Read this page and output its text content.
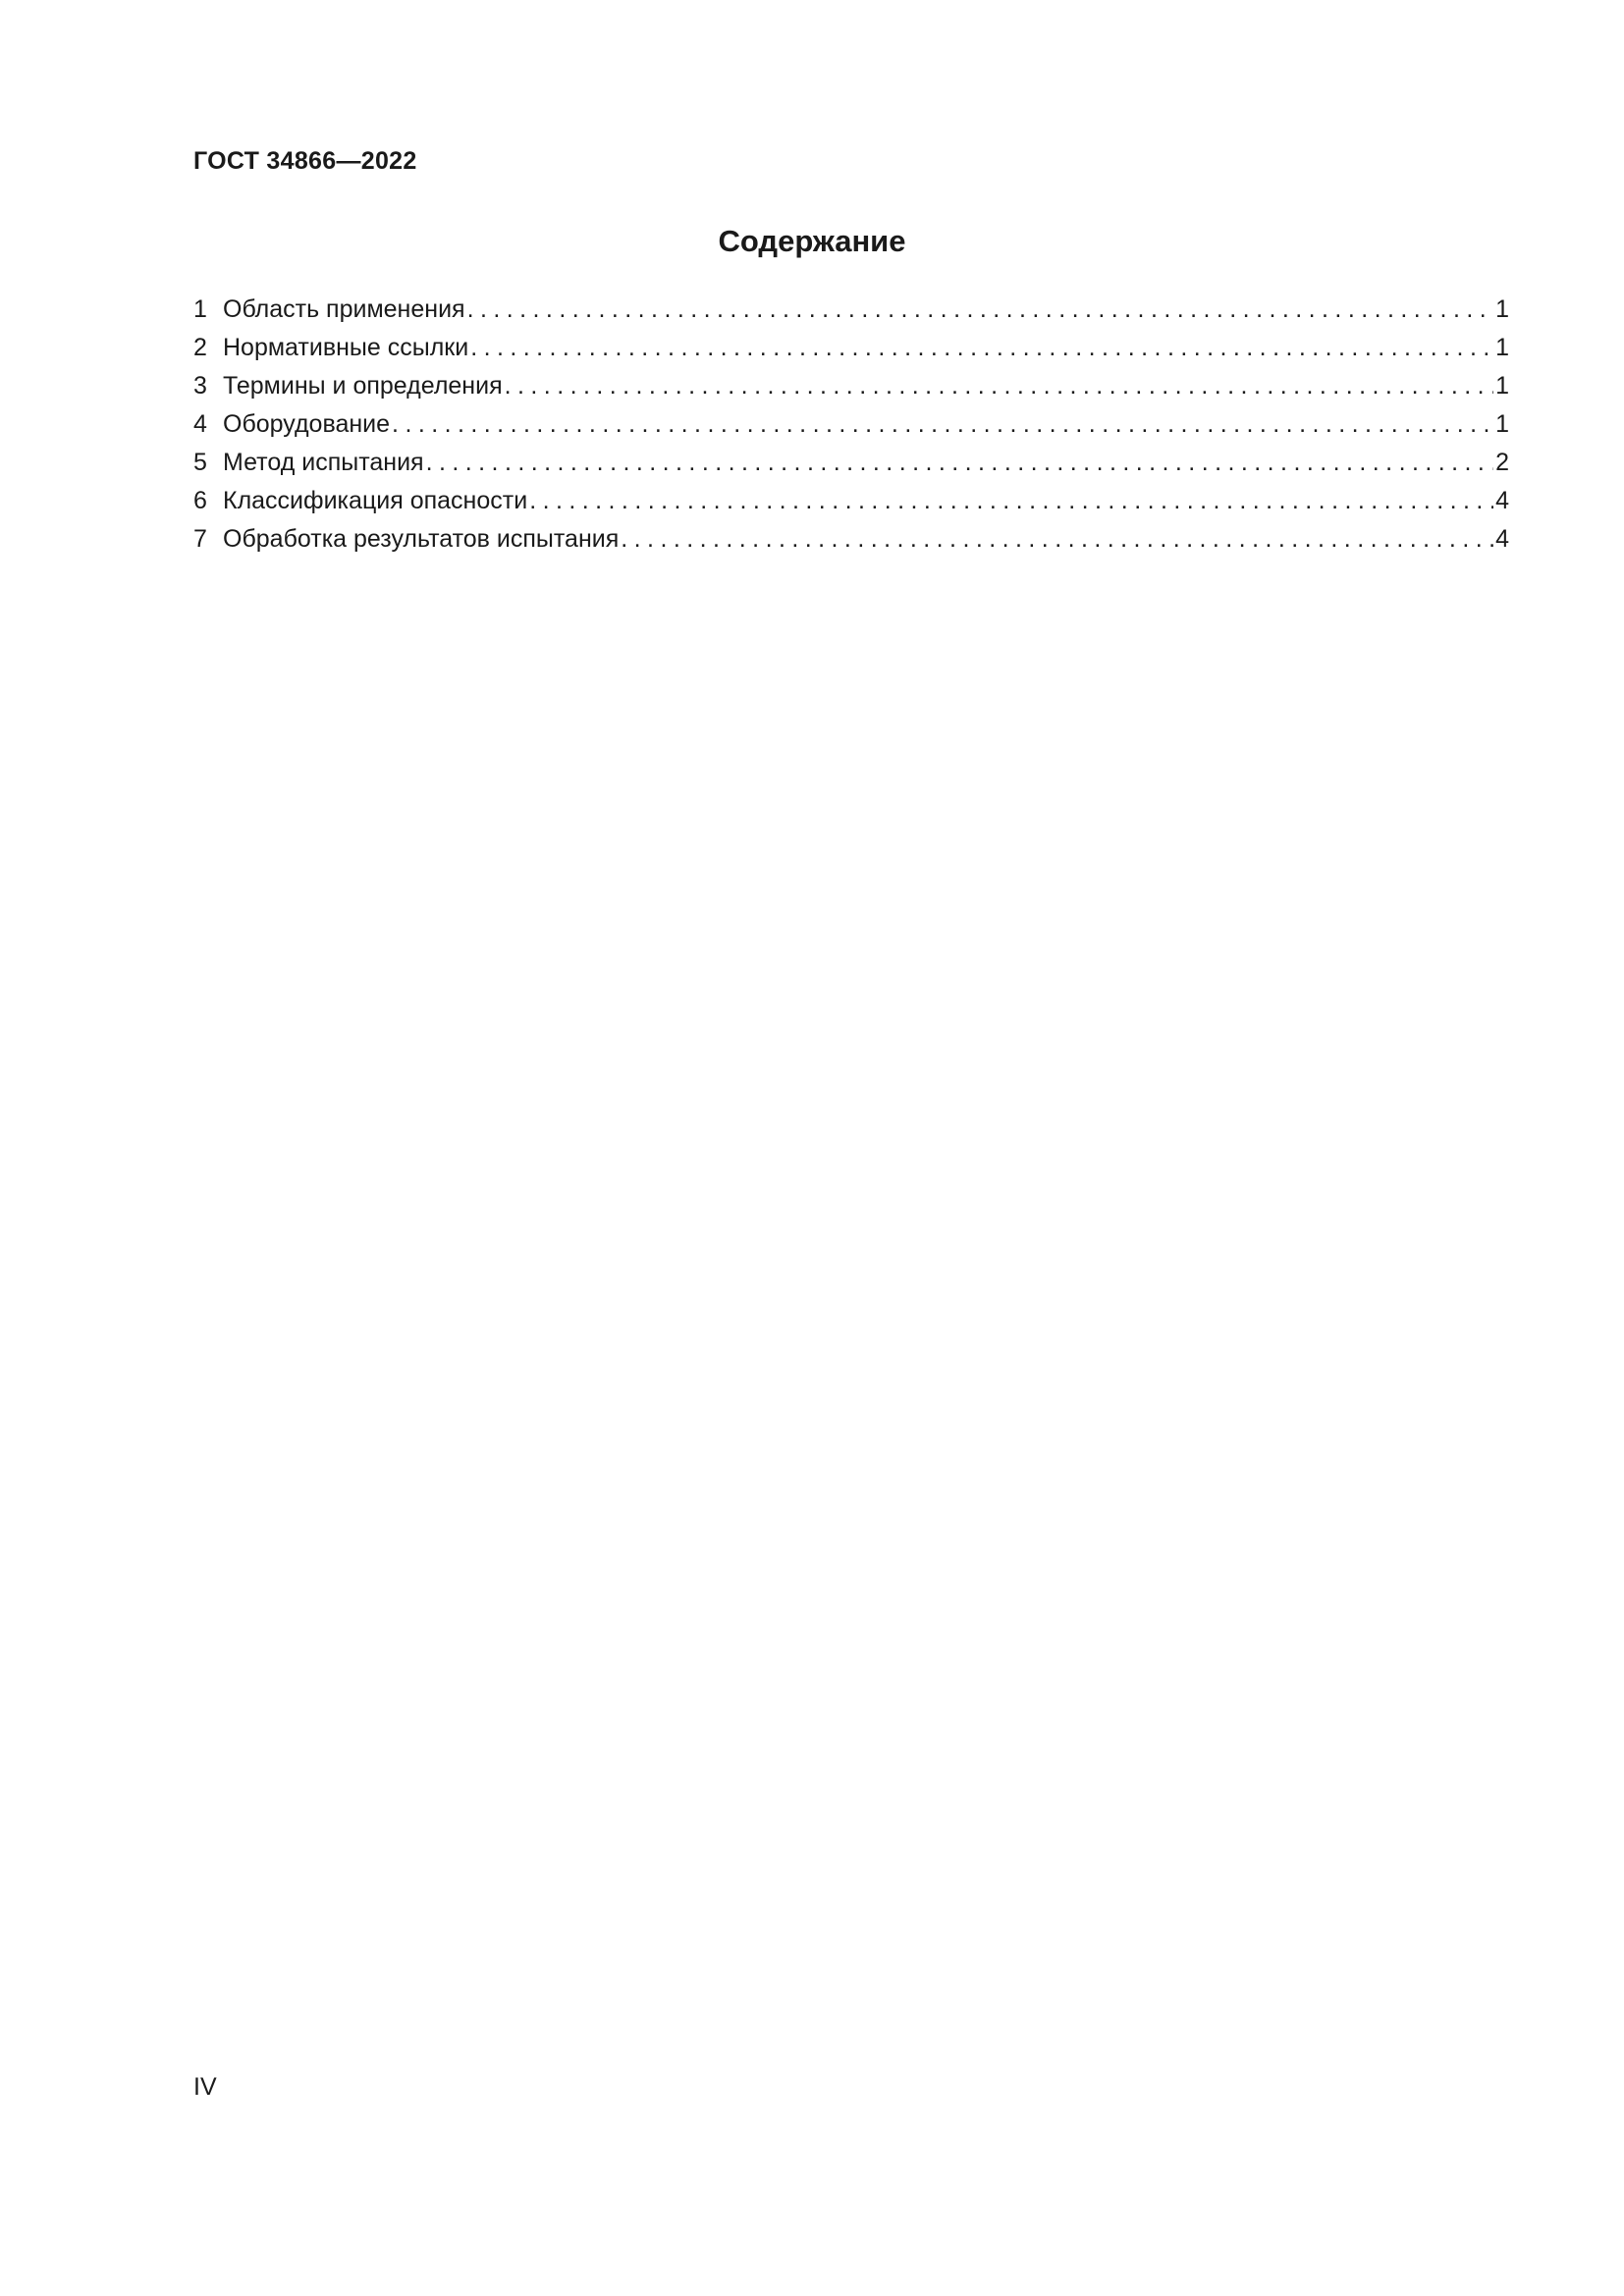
ГОСТ 34866—2022

Содержание
1 Область применения . . .	1
2 Нормативные ссылки . . .	1
3 Термины и определения . . .	1
4 Оборудование . . .	1
5 Метод испытания . . .	2
6 Классификация опасности . . .	4
7 Обработка результатов испытания . . .	4

IV
